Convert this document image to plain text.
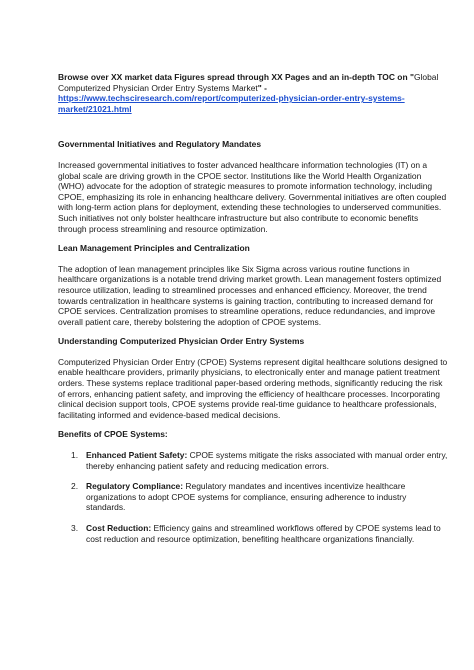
Browse over XX market data Figures spread through XX Pages and an in-depth TOC on "Global Computerized Physician Order Entry Systems Market" - https://www.techsciresearch.com/report/computerized-physician-order-entry-systems-market/21021.html

Governmental Initiatives and Regulatory Mandates

Increased governmental initiatives to foster advanced healthcare information technologies (IT) on a global scale are driving growth in the CPOE sector. Institutions like the World Health Organization (WHO) advocate for the adoption of strategic measures to promote information technology, including CPOE, emphasizing its role in enhancing healthcare delivery. Governmental initiatives are often coupled with long-term action plans for deployment, extending these technologies to underserved communities. Such initiatives not only bolster healthcare infrastructure but also contribute to economic benefits through process streamlining and resource optimization.

Lean Management Principles and Centralization

The adoption of lean management principles like Six Sigma across various routine functions in healthcare organizations is a notable trend driving market growth. Lean management fosters optimized resource utilization, leading to streamlined processes and enhanced efficiency. Moreover, the trend towards centralization in healthcare systems is gaining traction, contributing to increased demand for CPOE services. Centralization promises to streamline operations, reduce redundancies, and improve overall patient care, thereby bolstering the adoption of CPOE systems.

Understanding Computerized Physician Order Entry Systems

Computerized Physician Order Entry (CPOE) Systems represent digital healthcare solutions designed to enable healthcare providers, primarily physicians, to electronically enter and manage patient treatment orders. These systems replace traditional paper-based ordering methods, significantly reducing the risk of errors, enhancing patient safety, and improving the efficiency of healthcare processes. Incorporating clinical decision support tools, CPOE systems provide real-time guidance to healthcare professionals, facilitating informed and evidence-based medical decisions.

Benefits of CPOE Systems:
1. Enhanced Patient Safety: CPOE systems mitigate the risks associated with manual order entry, thereby enhancing patient safety and reducing medication errors.
2. Regulatory Compliance: Regulatory mandates and incentives incentivize healthcare organizations to adopt CPOE systems for compliance, ensuring adherence to industry standards.
3. Cost Reduction: Efficiency gains and streamlined workflows offered by CPOE systems lead to cost reduction and resource optimization, benefiting healthcare organizations financially.
